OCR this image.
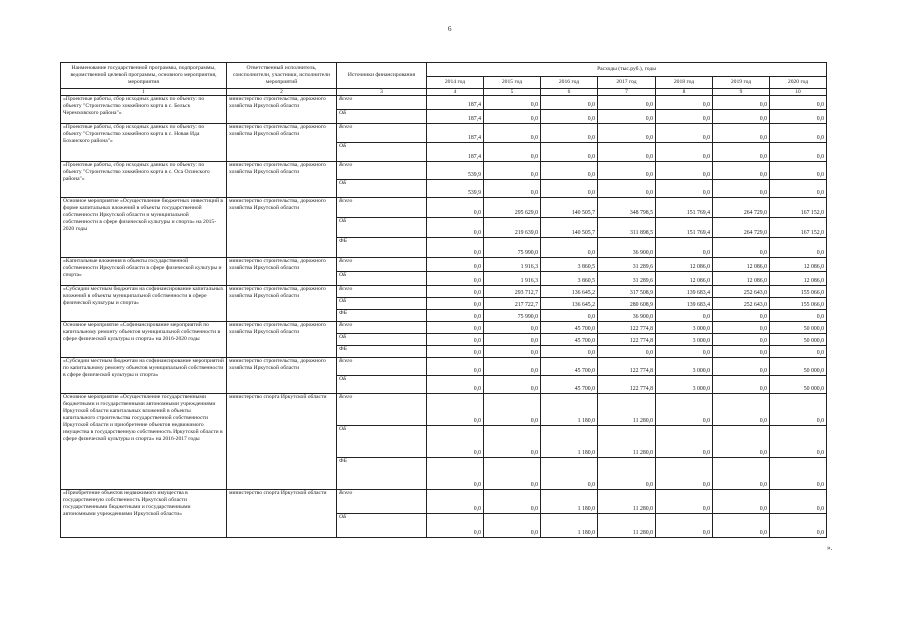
6
Наименование государственной программы, подпрограммы, ведомственной целевой программы, основного мероприятия, мероприятия	Ответственный исполнитель, соисполнители, участники, исполнители мероприятий	Источники финансирования	Расходы (тыс.руб.), годы						
			2014 год	2015 год	2016 год	2017 год	2018 год	2019 год	2020 год
1	2	3	4	5	6	7	8	9	10
«Проектные работы, сбор исходных данных по объекту: по объекту "Строительство хоккейного корта в с. Бельск Черемховского района"»	министерство строительства, дорожного хозяйства Иркутской области	Всего	187,4	0,0	0,0	0,0	0,0	0,0	0,0
		ОБ	187,4	0,0	0,0	0,0	0,0	0,0	0,0
«Проектные работы, сбор исходных данных по объекту: по объекту "Строительство хоккейного корта в с. Новая Ида Боханского района"»	министерство строительства, дорожного хозяйства Иркутской области	Всего	187,4	0,0	0,0	0,0	0,0	0,0	0,0
		ОБ	187,4	0,0	0,0	0,0	0,0	0,0	0,0
«Проектные работы, сбор исходных данных по объекту: по объекту "Строительство хоккейного корта в с. Оса Осинского района"»	министерство строительства, дорожного хозяйства Иркутской области	Всего	539,9	0,0	0,0	0,0	0,0	0,0	0,0
		ОБ	539,9	0,0	0,0	0,0	0,0	0,0	0,0
Основное мероприятие «Осуществление бюджетных инвестиций в форме капитальных вложений в объекты государственной собственности Иркутской области и муниципальной собственности в сфере физической культуры и спорта» на 2015-2020 годы	министерство строительства, дорожного хозяйства Иркутской области	Всего	0,0	295 629,0	140 505,7	348 798,5	151 769,4	264 729,0	167 152,0
		ОБ	0,0	219 639,0	140 505,7	311 898,5	151 769,4	264 729,0	167 152,0
		ФБ	0,0	75 990,0	0,0	36 900,0	0,0	0,0	0,0
«Капитальные вложения в объекты государственной собственности Иркутской области в сфере физической культуры и спорта»	министерство строительства, дорожного хозяйства Иркутской области	Всего	0,0	1 916,3	3 860,5	31 289,6	12 086,0	12 086,0	12 086,0
		ОБ	0,0	1 916,3	3 860,5	31 289,6	12 086,0	12 086,0	12 086,0
«Субсидии местным бюджетам на софинансирование капитальных вложений в объекты муниципальной собственности в сфере физической культуры и спорта»	министерство строительства, дорожного хозяйства Иркутской области	Всего	0,0	293 712,7	136 645,2	317 508,9	139 683,4	252 643,0	155 066,0
		ОБ	0,0	217 722,7	136 645,2	280 608,9	139 683,4	252 643,0	155 066,0
		ФБ	0,0	75 990,0	0,0	36 900,0	0,0	0,0	0,0
Основное мероприятие «Софинансирование мероприятий по капитальному ремонту объектов муниципальной собственности в сфере физической культуры и спорта» на 2016-2020 годы	министерство строительства, дорожного хозяйства Иркутской области	Всего	0,0	0,0	45 700,0	122 774,8	3 000,0	0,0	50 000,0
		ОБ	0,0	0,0	45 700,0	122 774,8	3 000,0	0,0	50 000,0
		ФБ	0,0	0,0	0,0	0,0	0,0	0,0	0,0
«Субсидии местным бюджетам на софинансирование мероприятий по капитальному ремонту объектов муниципальной собственности в сфере физической культуры и спорта»	министерство строительства, дорожного хозяйства Иркутской области	Всего	0,0	0,0	45 700,0	122 774,8	3 000,0	0,0	50 000,0
		ОБ	0,0	0,0	45 700,0	122 774,8	3 000,0	0,0	50 000,0
Основное мероприятие «Осуществление государственными бюджетными и государственными автономными учреждениями Иркутской области капитальных вложений в объекты капитального строительства государственной собственности Иркутской области и приобретение объектов недвижимого имущества в государственную собственность Иркутской области в сфере физической культуры и спорта» на 2016-2017 годы	министерство спорта Иркутской области	Всего	0,0	0,0	1 180,0	11 280,0	0,0	0,0	0,0
		ОБ	0,0	0,0	1 180,0	11 280,0	0,0	0,0	0,0
		ФБ	0,0	0,0	0,0	0,0	0,0	0,0	0,0
«Приобретение объектов недвижимого имущества в государственную собственность Иркутской области государственными бюджетными и государственными автономными учреждениями Иркутской области»	министерство спорта Иркутской области	Всего	0,0	0,0	1 180,0	11 280,0	0,0	0,0	0,0
		ОБ	0,0	0,0	1 180,0	11 280,0	0,0	0,0	0,0
».
